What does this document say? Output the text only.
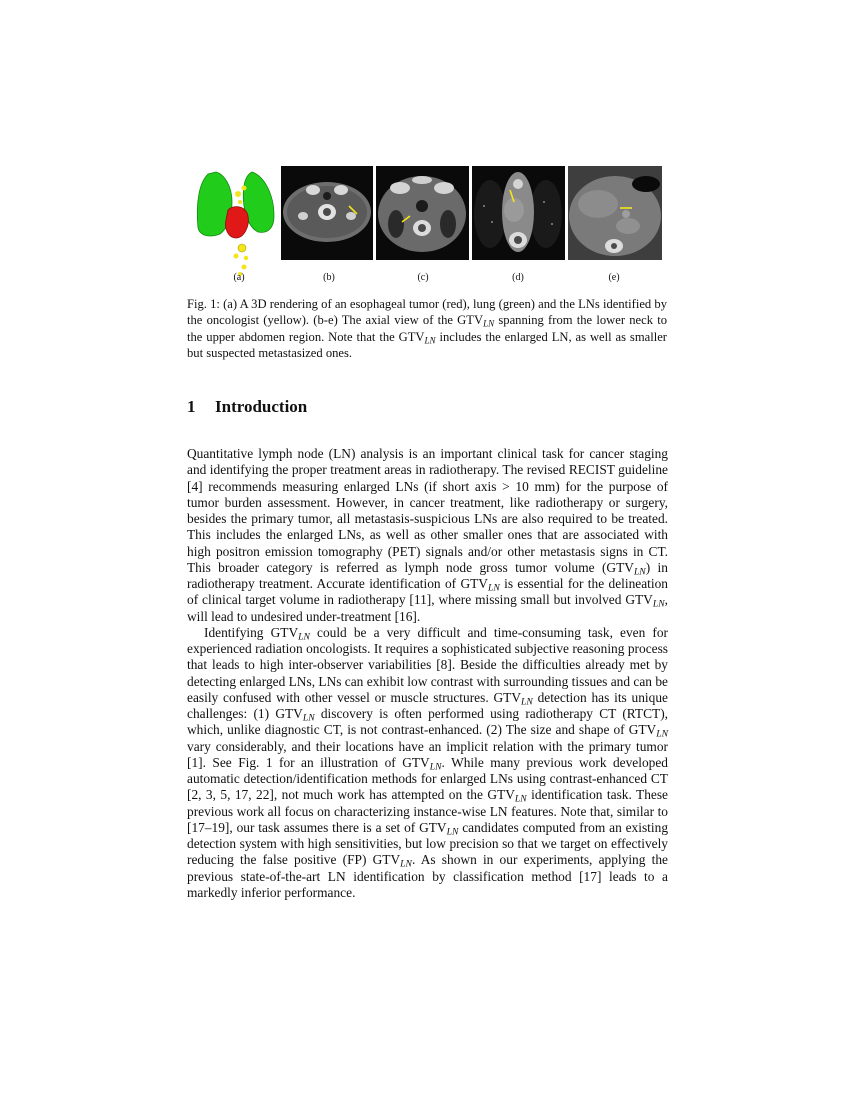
(a)	(b)	(c)	(d)	(e)
Fig. 1: (a) A 3D rendering of an esophageal tumor (red), lung (green) and the LNs identified by the oncologist (yellow). (b-e) The axial view of the $GTV_{LN}$ spanning from the lower neck to the upper abdomen region. Note that the $GTV_{LN}$ includes the enlarged LN, as well as smaller but suspected metastasized ones.
1 Introduction

Quantitative lymph node (LN) analysis is an important clinical task for cancer staging and identifying the proper treatment areas in radiotherapy. The revised RECIST guideline [4] recommends measuring enlarged LNs (if short axis > 10 mm) for the purpose of tumor burden assessment. However, in cancer treatment, like radiotherapy or surgery, besides the primary tumor, all metastasis-suspicious LNs are also required to be treated. This includes the enlarged LNs, as well as other smaller ones that are associated with high positron emission tomography (PET) signals and/or other metastasis signs in CT. This broader category is referred as lymph node gross tumor volume $(GTV_{LN})$ in radiotherapy treatment. Accurate identification of $GTV_{LN}$ is essential for the delineation of clinical target volume in radiotherapy [11], where missing small but involved $GTV_{LN}$, will lead to undesired under-treatment [16].

Identifying $GTV_{LN}$ could be a very difficult and time-consuming task, even for experienced radiation oncologists. It requires a sophisticated subjective reasoning process that leads to high inter-observer variabilities [8]. Beside the difficulties already met by detecting enlarged LNs, LNs can exhibit low contrast with surrounding tissues and can be easily confused with other vessel or muscle structures. $GTV_{LN}$ detection has its unique challenges: (1) $GTV_{LN}$ discovery is often performed using radiotherapy CT (RTCT), which, unlike diagnostic CT, is not contrast-enhanced. (2) The size and shape of $GTV_{LN}$ vary considerably, and their locations have an implicit relation with the primary tumor [1]. See Fig. 1 for an illustration of $GTV_{LN}$. While many previous work developed automatic detection/identification methods for enlarged LNs using contrast-enhanced CT [2, 3, 5, 17, 22], not much work has attempted on the $GTV_{LN}$ identification task. These previous work all focus on characterizing instance-wise LN features. Note that, similar to [17–19], our task assumes there is a set of $GTV_{LN}$ candidates computed from an existing detection system with high sensitivities, but low precision so that we target on effectively reducing the false positive (FP) $GTV_{LN}$. As shown in our experiments, applying the previous state-of-the-art LN identification by classification method [17] leads to a markedly inferior performance.
